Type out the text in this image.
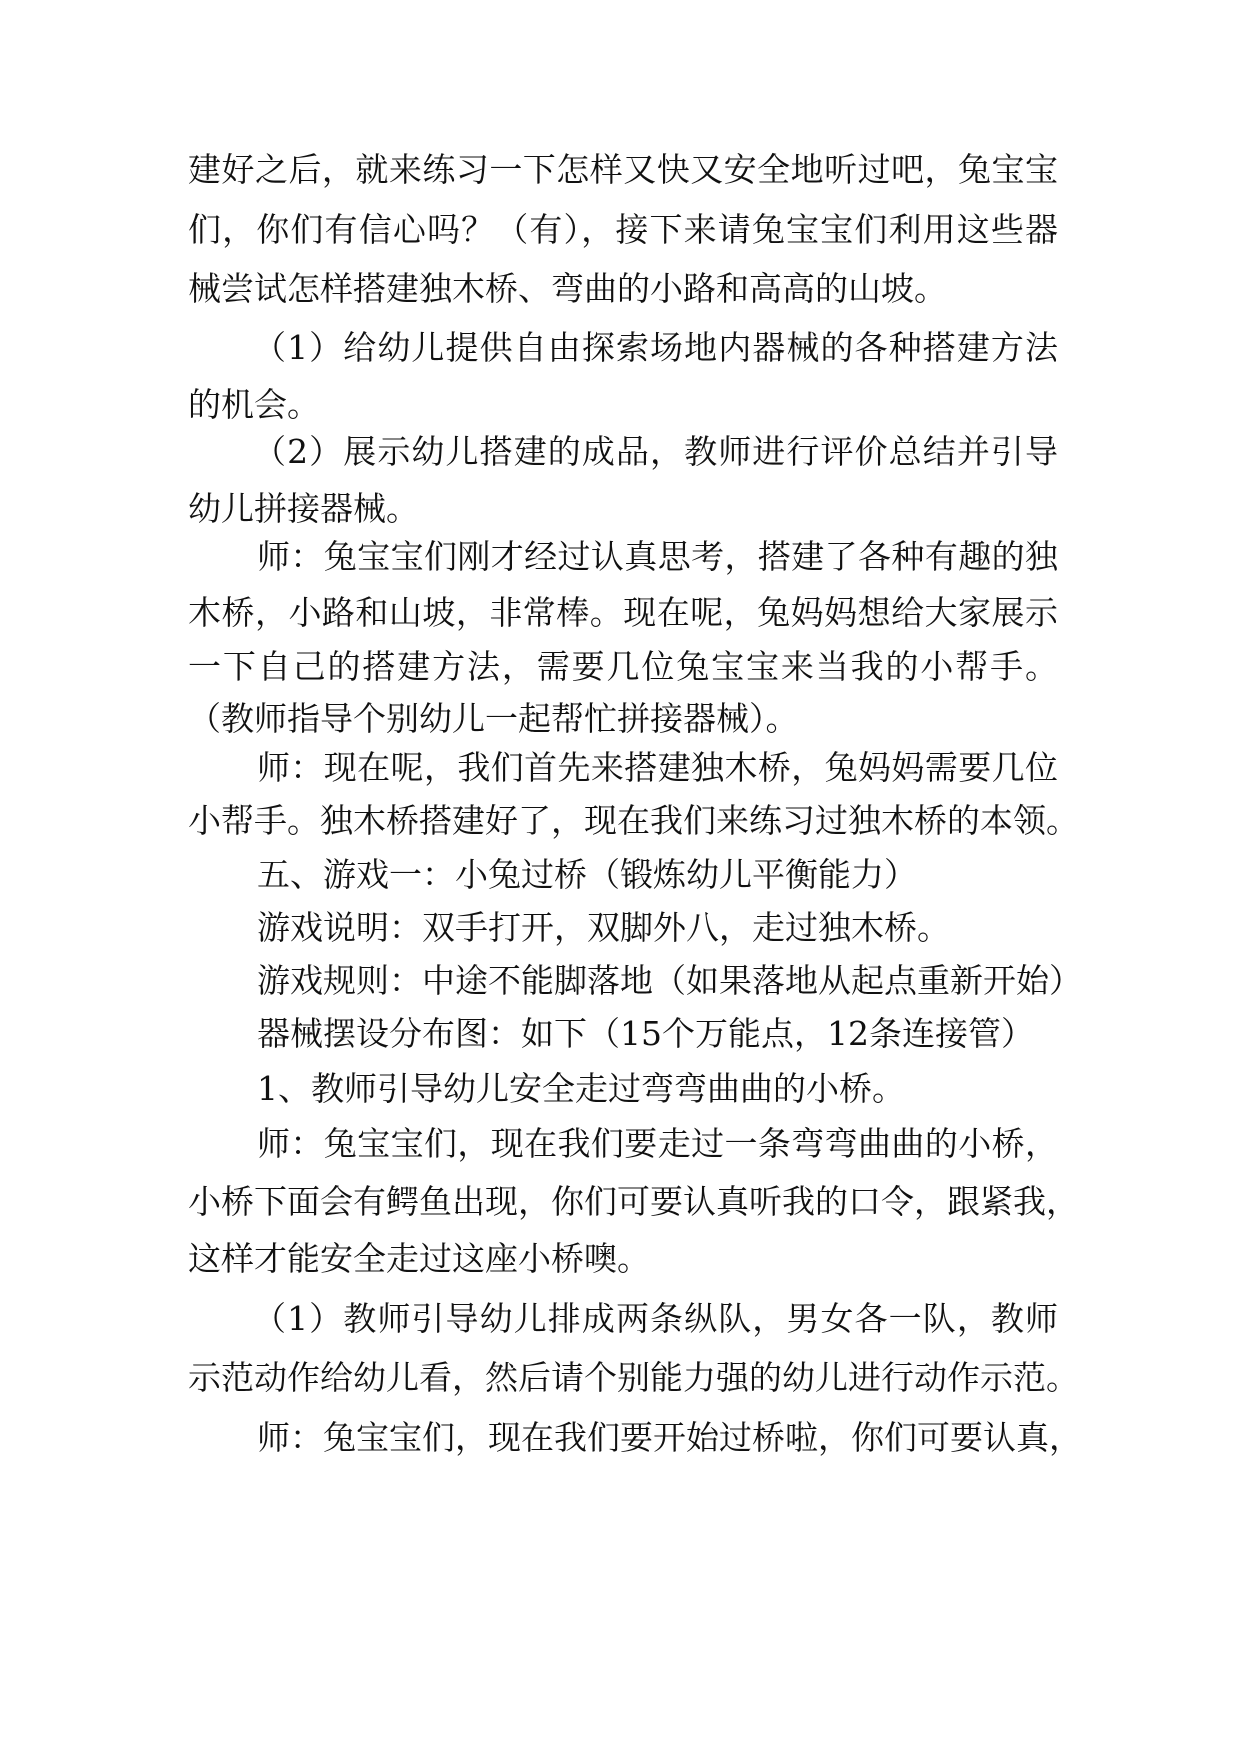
建好之后，就来练习一下怎样又快又安全地听过吧，兔宝宝
们，你们有信心吗？（有），接下来请兔宝宝们利用这些器
械尝试怎样搭建独木桥、弯曲的小路和高高的山坡。
（1）给幼儿提供自由探索场地内器械的各种搭建方法
的机会。
（2）展示幼儿搭建的成品，教师进行评价总结并引导
幼儿拼接器械。
师：兔宝宝们刚才经过认真思考，搭建了各种有趣的独
木桥，小路和山坡，非常棒。现在呢，兔妈妈想给大家展示
一下自己的搭建方法，需要几位兔宝宝来当我的小帮手。
（教师指导个别幼儿一起帮忙拼接器械）。
师：现在呢，我们首先来搭建独木桥，兔妈妈需要几位
小帮手。独木桥搭建好了，现在我们来练习过独木桥的本领。
五、游戏一：小兔过桥（锻炼幼儿平衡能力）
游戏说明：双手打开，双脚外八，走过独木桥。
游戏规则：中途不能脚落地（如果落地从起点重新开始）
器械摆设分布图：如下（15个万能点，12条连接管）
1、教师引导幼儿安全走过弯弯曲曲的小桥。
师：兔宝宝们，现在我们要走过一条弯弯曲曲的小桥，
小桥下面会有鳄鱼出现，你们可要认真听我的口令，跟紧我，
这样才能安全走过这座小桥噢。
（1）教师引导幼儿排成两条纵队，男女各一队，教师
示范动作给幼儿看，然后请个别能力强的幼儿进行动作示范。
师：兔宝宝们，现在我们要开始过桥啦，你们可要认真，
